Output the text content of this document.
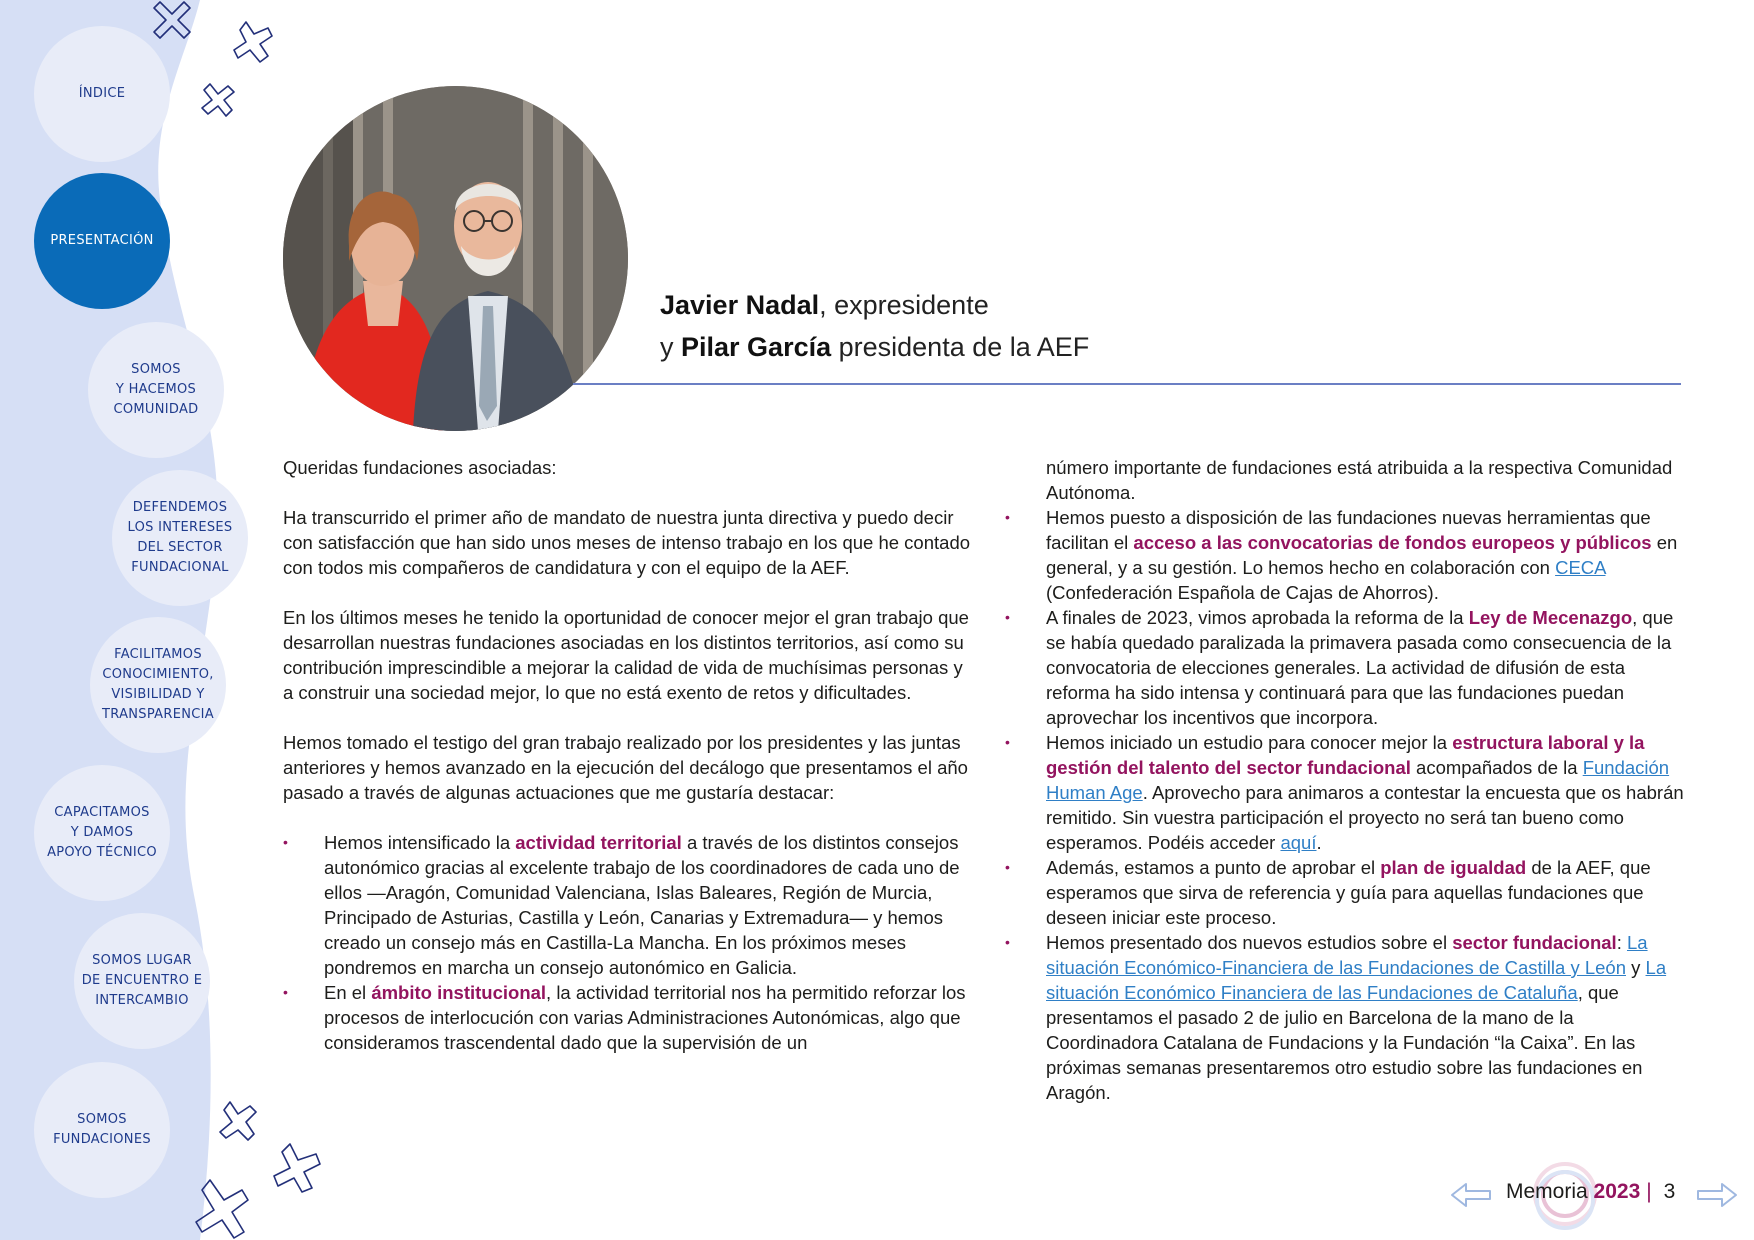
ÍNDICE
PRESENTACIÓN
SOMOS
Y HACEMOS
COMUNIDAD
DEFENDEMOS
LOS INTERESES
DEL SECTOR
FUNDACIONAL
FACILITAMOS
CONOCIMIENTO,
VISIBILIDAD Y
TRANSPARENCIA
CAPACITAMOS
Y DAMOS
APOYO TÉCNICO
SOMOS LUGAR
DE ENCUENTRO E
INTERCAMBIO
SOMOS
FUNDACIONES
Javier Nadal, expresidente
y Pilar García presidenta de la AEF

Queridas fundaciones asociadas:

Ha transcurrido el primer año de mandato de nuestra junta directiva y puedo decir con satisfacción que han sido unos meses de intenso trabajo en los que he contado con todos mis compañeros de candidatura y con el equipo de la AEF.

En los últimos meses he tenido la oportunidad de conocer mejor el gran trabajo que desarrollan nuestras fundaciones asociadas en los distintos territorios, así como su contribución imprescindible a mejorar la calidad de vida de muchísimas personas y a construir una sociedad mejor, lo que no está exento de retos y dificultades.

Hemos tomado el testigo del gran trabajo realizado por los presidentes y las juntas anteriores y hemos avanzado en la ejecución del decálogo que presentamos el año pasado a través de algunas actuaciones que me gustaría destacar:

• Hemos intensificado la actividad territorial a través de los distintos consejos autonómico gracias al excelente trabajo de los coordinadores de cada uno de ellos —Aragón, Comunidad Valenciana, Islas Baleares, Región de Murcia, Principado de Asturias, Castilla y León, Canarias y Extremadura— y hemos creado un consejo más en Castilla-La Mancha. En los próximos meses pondremos en marcha un consejo autonómico en Galicia.
• En el ámbito institucional, la actividad territorial nos ha permitido reforzar los procesos de interlocución con varias Administraciones Autonómicas, algo que consideramos trascendental dado que la supervisión de un
número importante de fundaciones está atribuida a la respectiva Comunidad Autónoma.
• Hemos puesto a disposición de las fundaciones nuevas herramientas que facilitan el acceso a las convocatorias de fondos europeos y públicos en general, y a su gestión. Lo hemos hecho en colaboración con CECA (Confederación Española de Cajas de Ahorros).
• A finales de 2023, vimos aprobada la reforma de la Ley de Mecenazgo, que se había quedado paralizada la primavera pasada como consecuencia de la convocatoria de elecciones generales. La actividad de difusión de esta reforma ha sido intensa y continuará para que las fundaciones puedan aprovechar los incentivos que incorpora.
• Hemos iniciado un estudio para conocer mejor la estructura laboral y la gestión del talento del sector fundacional acompañados de la Fundación Human Age. Aprovecho para animaros a contestar la encuesta que os habrán remitido. Sin vuestra participación el proyecto no será tan bueno como esperamos. Podéis acceder aquí.
• Además, estamos a punto de aprobar el plan de igualdad de la AEF, que esperamos que sirva de referencia y guía para aquellas fundaciones que deseen iniciar este proceso.
• Hemos presentado dos nuevos estudios sobre el sector fundacional: La situación Económico-Financiera de las Fundaciones de Castilla y León y La situación Económico Financiera de las Fundaciones de Cataluña, que presentamos el pasado 2 de julio en Barcelona de la mano de la Coordinadora Catalana de Fundacions y la Fundación “la Caixa”. En las próximas semanas presentaremos otro estudio sobre las fundaciones en Aragón.
Memoria 2023 | 3
